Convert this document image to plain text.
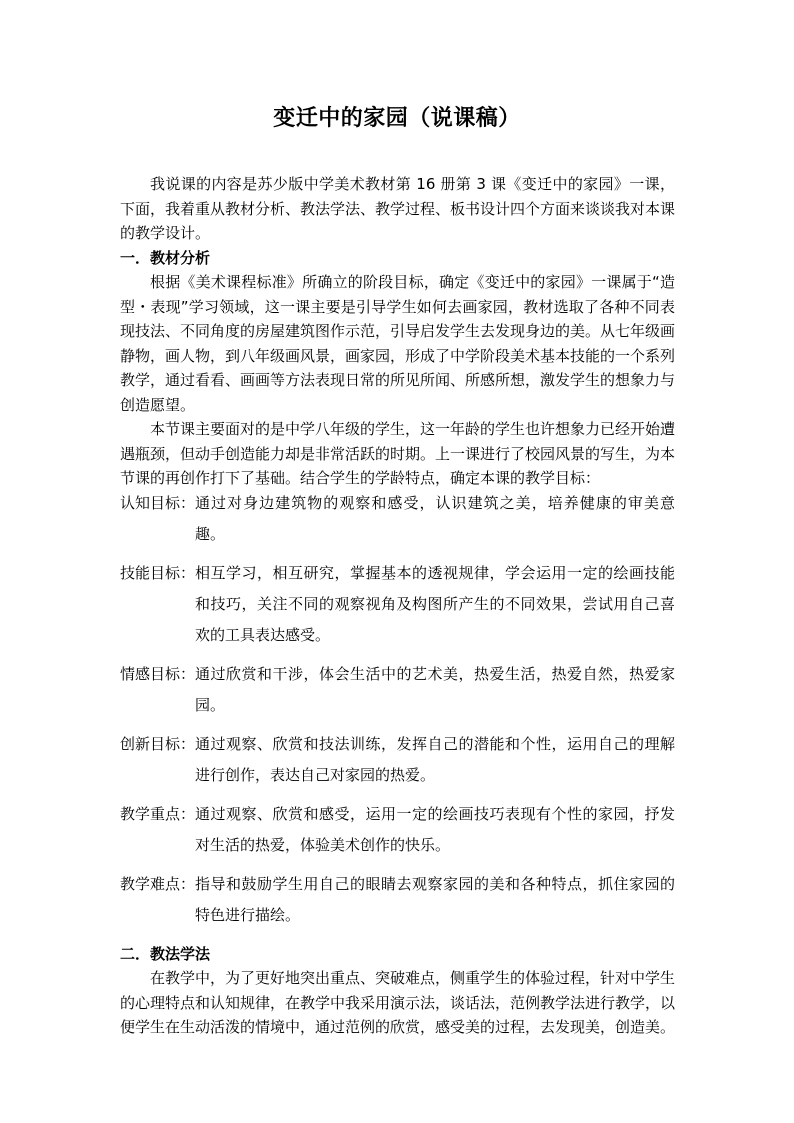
变迁中的家园（说课稿）

我说课的内容是苏少版中学美术教材第 16 册第 3 课《变迁中的家园》一课，下面，我着重从教材分析、教法学法、教学过程、板书设计四个方面来谈谈我对本课的教学设计。

一．教材分析

根据《美术课程标准》所确立的阶段目标，确定《变迁中的家园》一课属于“造型・表现”学习领域，这一课主要是引导学生如何去画家园，教材选取了各种不同表现技法、不同角度的房屋建筑图作示范，引导启发学生去发现身边的美。从七年级画静物，画人物，到八年级画风景，画家园，形成了中学阶段美术基本技能的一个系列教学，通过看看、画画等方法表现日常的所见所闻、所感所想，激发学生的想象力与创造愿望。

本节课主要面对的是中学八年级的学生，这一年龄的学生也许想象力已经开始遭遇瓶颈，但动手创造能力却是非常活跃的时期。上一课进行了校园风景的写生，为本节课的再创作打下了基础。结合学生的学龄特点，确定本课的教学目标：

认知目标： 通过对身边建筑物的观察和感受，认识建筑之美，培养健康的审美意趣。
技能目标： 相互学习，相互研究，掌握基本的透视规律，学会运用一定的绘画技能和技巧，关注不同的观察视角及构图所产生的不同效果，尝试用自己喜欢的工具表达感受。
情感目标： 通过欣赏和干涉，体会生活中的艺术美，热爱生活，热爱自然，热爱家园。
创新目标： 通过观察、欣赏和技法训练，发挥自己的潜能和个性，运用自己的理解进行创作，表达自己对家园的热爱。
教学重点： 通过观察、欣赏和感受，运用一定的绘画技巧表现有个性的家园，抒发对生活的热爱，体验美术创作的快乐。
教学难点： 指导和鼓励学生用自己的眼睛去观察家园的美和各种特点，抓住家园的特色进行描绘。

二．教法学法

在教学中，为了更好地突出重点、突破难点，侧重学生的体验过程，针对中学生的心理特点和认知规律，在教学中我采用演示法，谈话法，范例教学法进行教学，以便学生在生动活泼的情境中，通过范例的欣赏，感受美的过程，去发现美，创造美。
